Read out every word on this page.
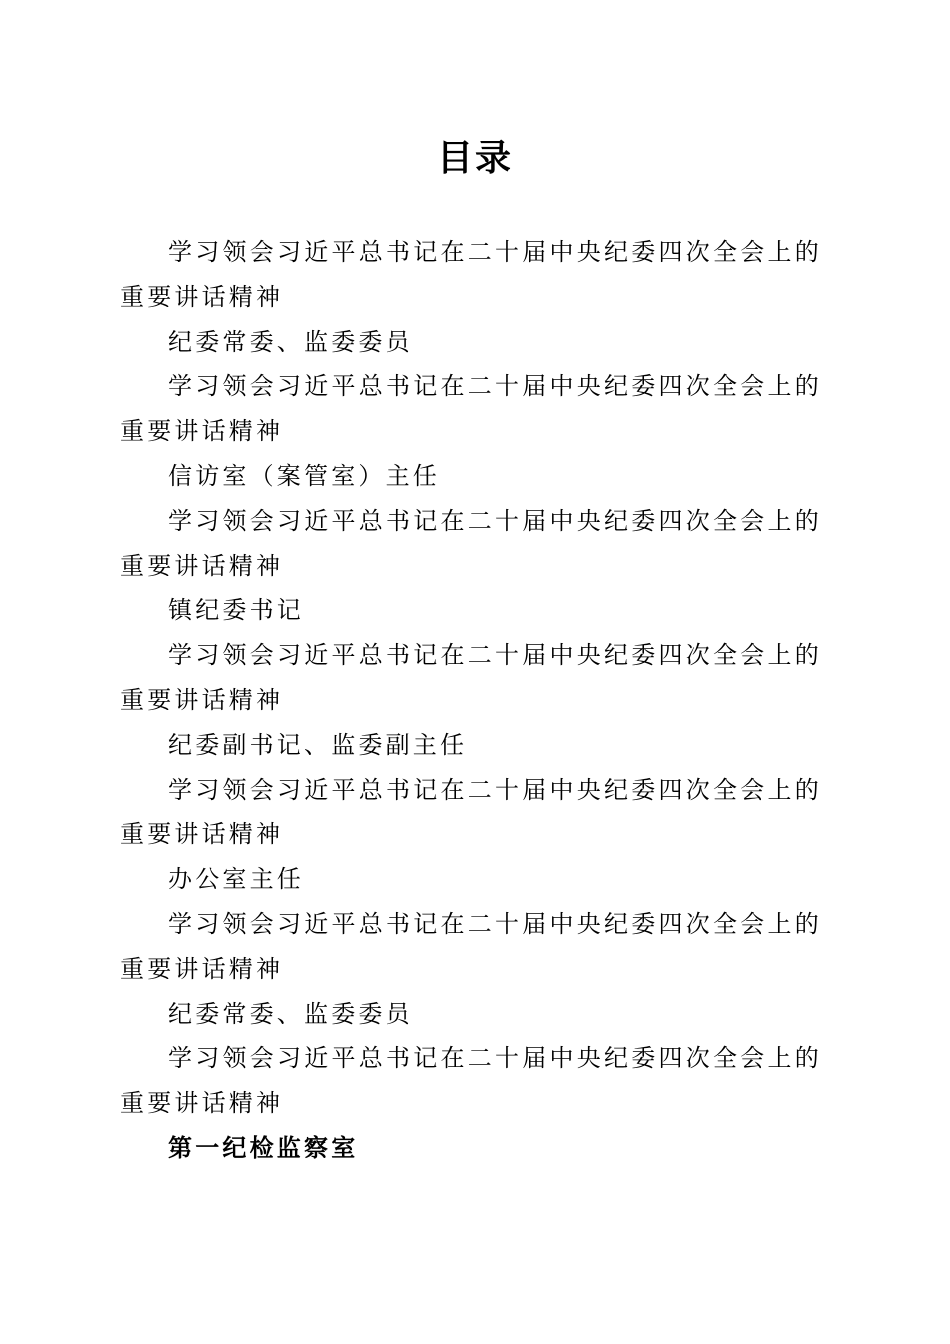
目录
学习领会习近平总书记在二十届中央纪委四次全会上的重要讲话精神
纪委常委、监委委员
学习领会习近平总书记在二十届中央纪委四次全会上的重要讲话精神
信访室（案管室）主任
学习领会习近平总书记在二十届中央纪委四次全会上的重要讲话精神
镇纪委书记
学习领会习近平总书记在二十届中央纪委四次全会上的重要讲话精神
纪委副书记、监委副主任
学习领会习近平总书记在二十届中央纪委四次全会上的重要讲话精神
办公室主任
学习领会习近平总书记在二十届中央纪委四次全会上的重要讲话精神
纪委常委、监委委员
学习领会习近平总书记在二十届中央纪委四次全会上的重要讲话精神
第一纪检监察室
